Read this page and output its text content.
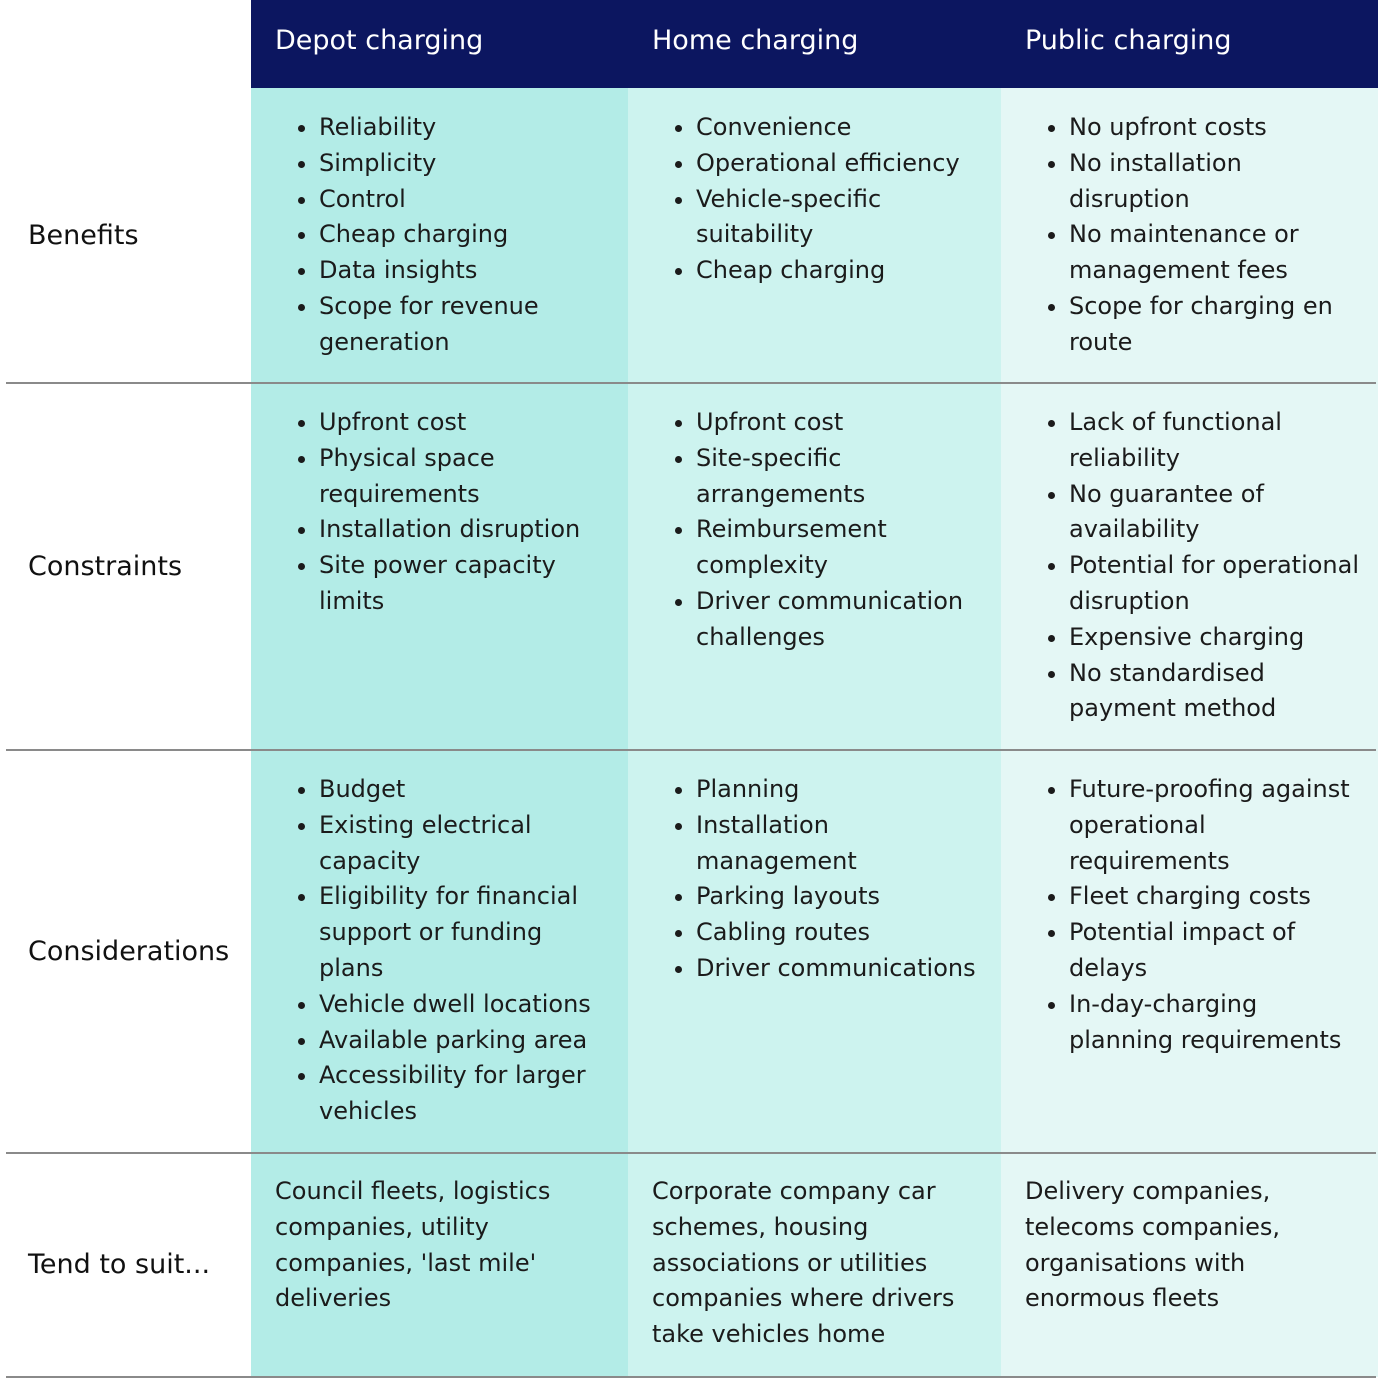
Depot charging	Home charging	Public charging
Benefits
• Reliability
• Simplicity
• Control
• Cheap charging
• Data insights
• Scope for revenue generation
• Convenience
• Operational efficiency
• Vehicle-specific suitability
• Cheap charging
• No upfront costs
• No installation disruption
• No maintenance or management fees
• Scope for charging en route
Constraints
• Upfront cost
• Physical space requirements
• Installation disruption
• Site power capacity limits
• Upfront cost
• Site-specific arrangements
• Reimbursement complexity
• Driver communication challenges
• Lack of functional reliability
• No guarantee of availability
• Potential for operational disruption
• Expensive charging
• No standardised payment method
Considerations
• Budget
• Existing electrical capacity
• Eligibility for financial support or funding plans
• Vehicle dwell locations
• Available parking area
• Accessibility for larger vehicles
• Planning
• Installation management
• Parking layouts
• Cabling routes
• Driver communications
• Future-proofing against operational requirements
• Fleet charging costs
• Potential impact of delays
• In-day-charging planning requirements
Tend to suit...
Council fleets, logistics companies, utility companies, 'last mile' deliveries
Corporate company car schemes, housing associations or utilities companies where drivers take vehicles home
Delivery companies, telecoms companies, organisations with enormous fleets
